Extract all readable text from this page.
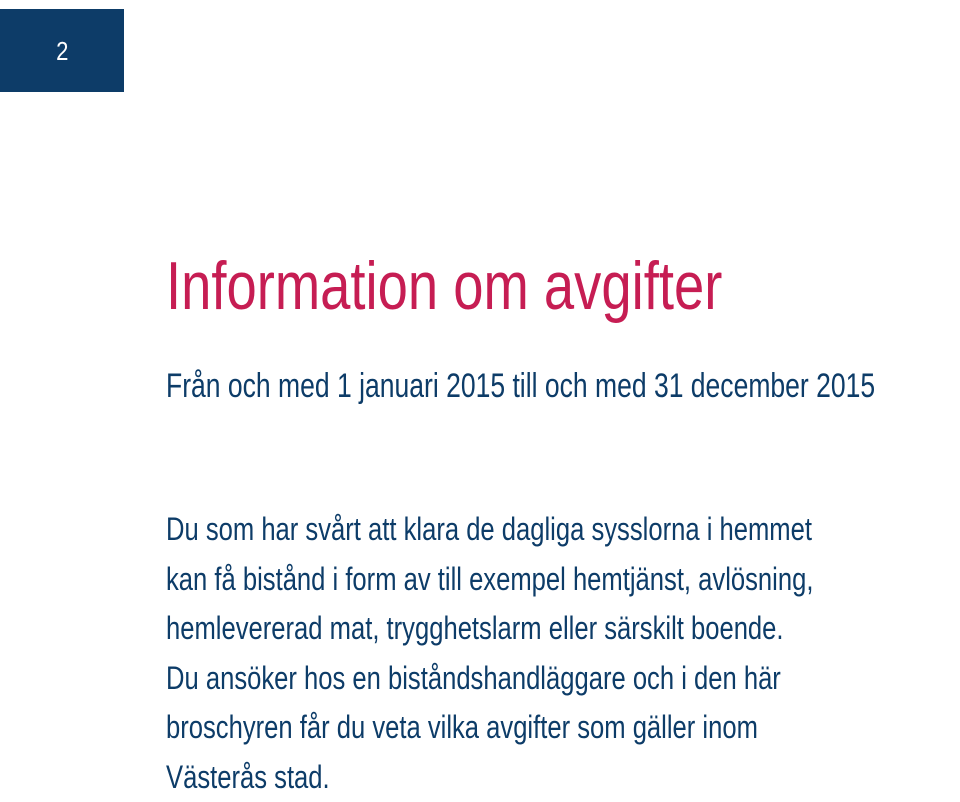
2
Information om avgifter
Från och med 1 januari 2015 till och med 31 december 2015

Du som har svårt att klara de dagliga sysslorna i hemmet
kan få bistånd i form av till exempel hemtjänst, avlösning,
hemlevererad mat, trygghetslarm eller särskilt boende.
Du ansöker hos en biståndshandläggare och i den här
broschyren får du veta vilka avgifter som gäller inom
Västerås stad.
